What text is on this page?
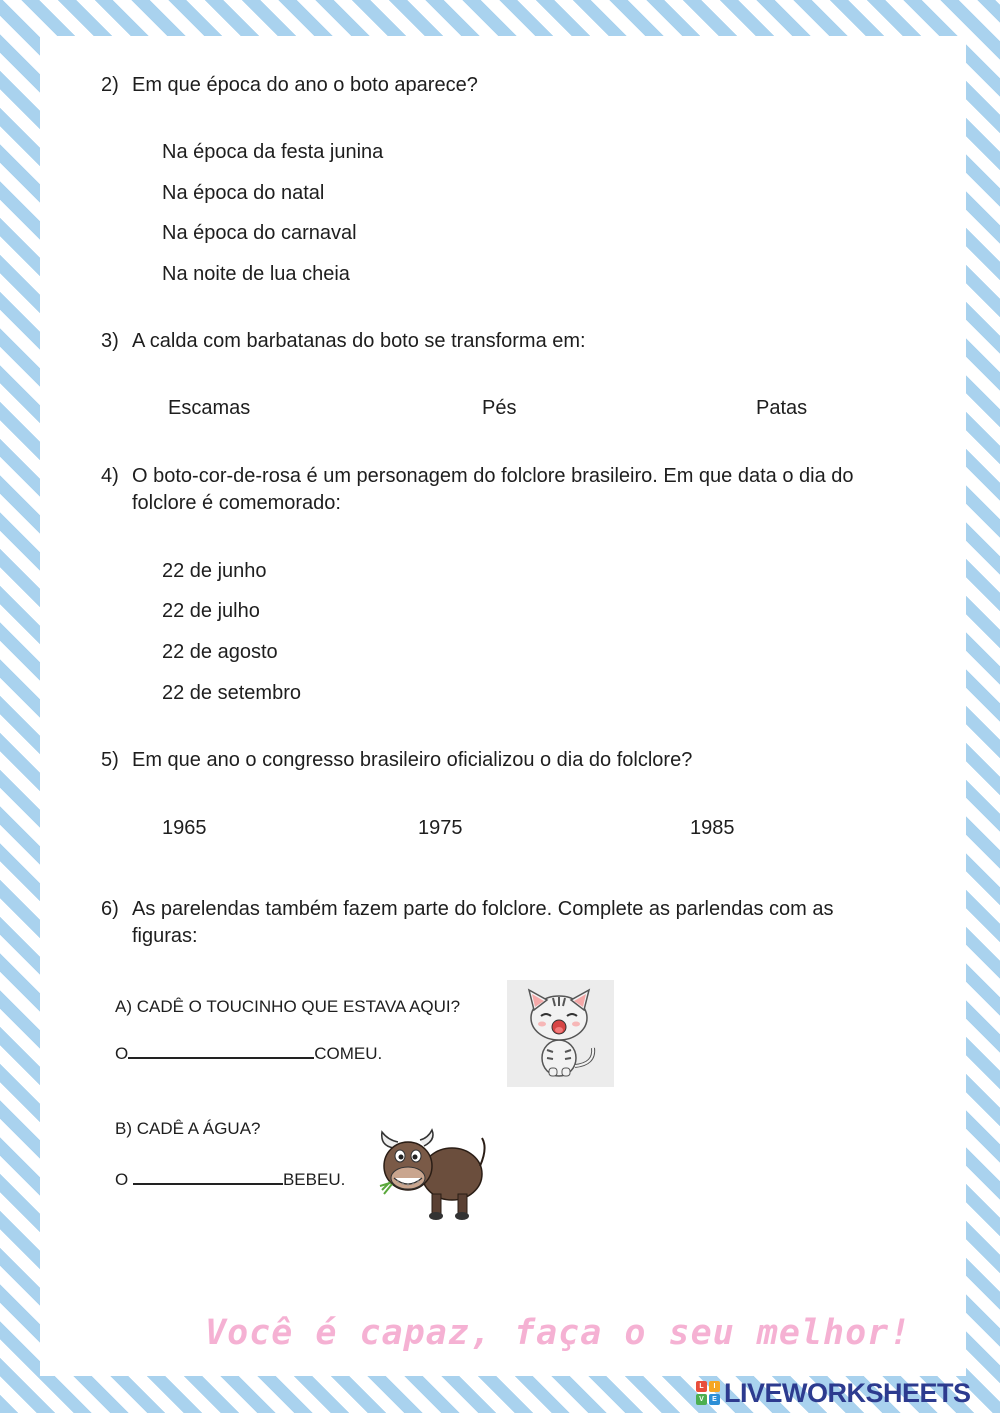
2) Em que época do ano o boto aparece?
Na época da festa junina
Na época do natal
Na época do carnaval
Na noite de lua cheia
3) A calda com barbatanas do boto se transforma em:
Escamas	Pés	Patas
4) O boto-cor-de-rosa é um personagem do folclore brasileiro. Em que data o dia do
folclore é comemorado:
22 de junho
22 de julho
22 de agosto
22 de setembro
5) Em que ano o congresso brasileiro oficializou o dia do folclore?
1965	1975	1985
6) As parelendas também fazem parte do folclore. Complete as parlendas com as
figuras:
A) CADÊ O TOUCINHO QUE ESTAVA AQUI?
O	COMEU.
B) CADÊ A ÁGUA?
O	BEBEU.
Você é capaz, faça o seu melhor!
L	I
V	E LIVEWORKSHEETS
